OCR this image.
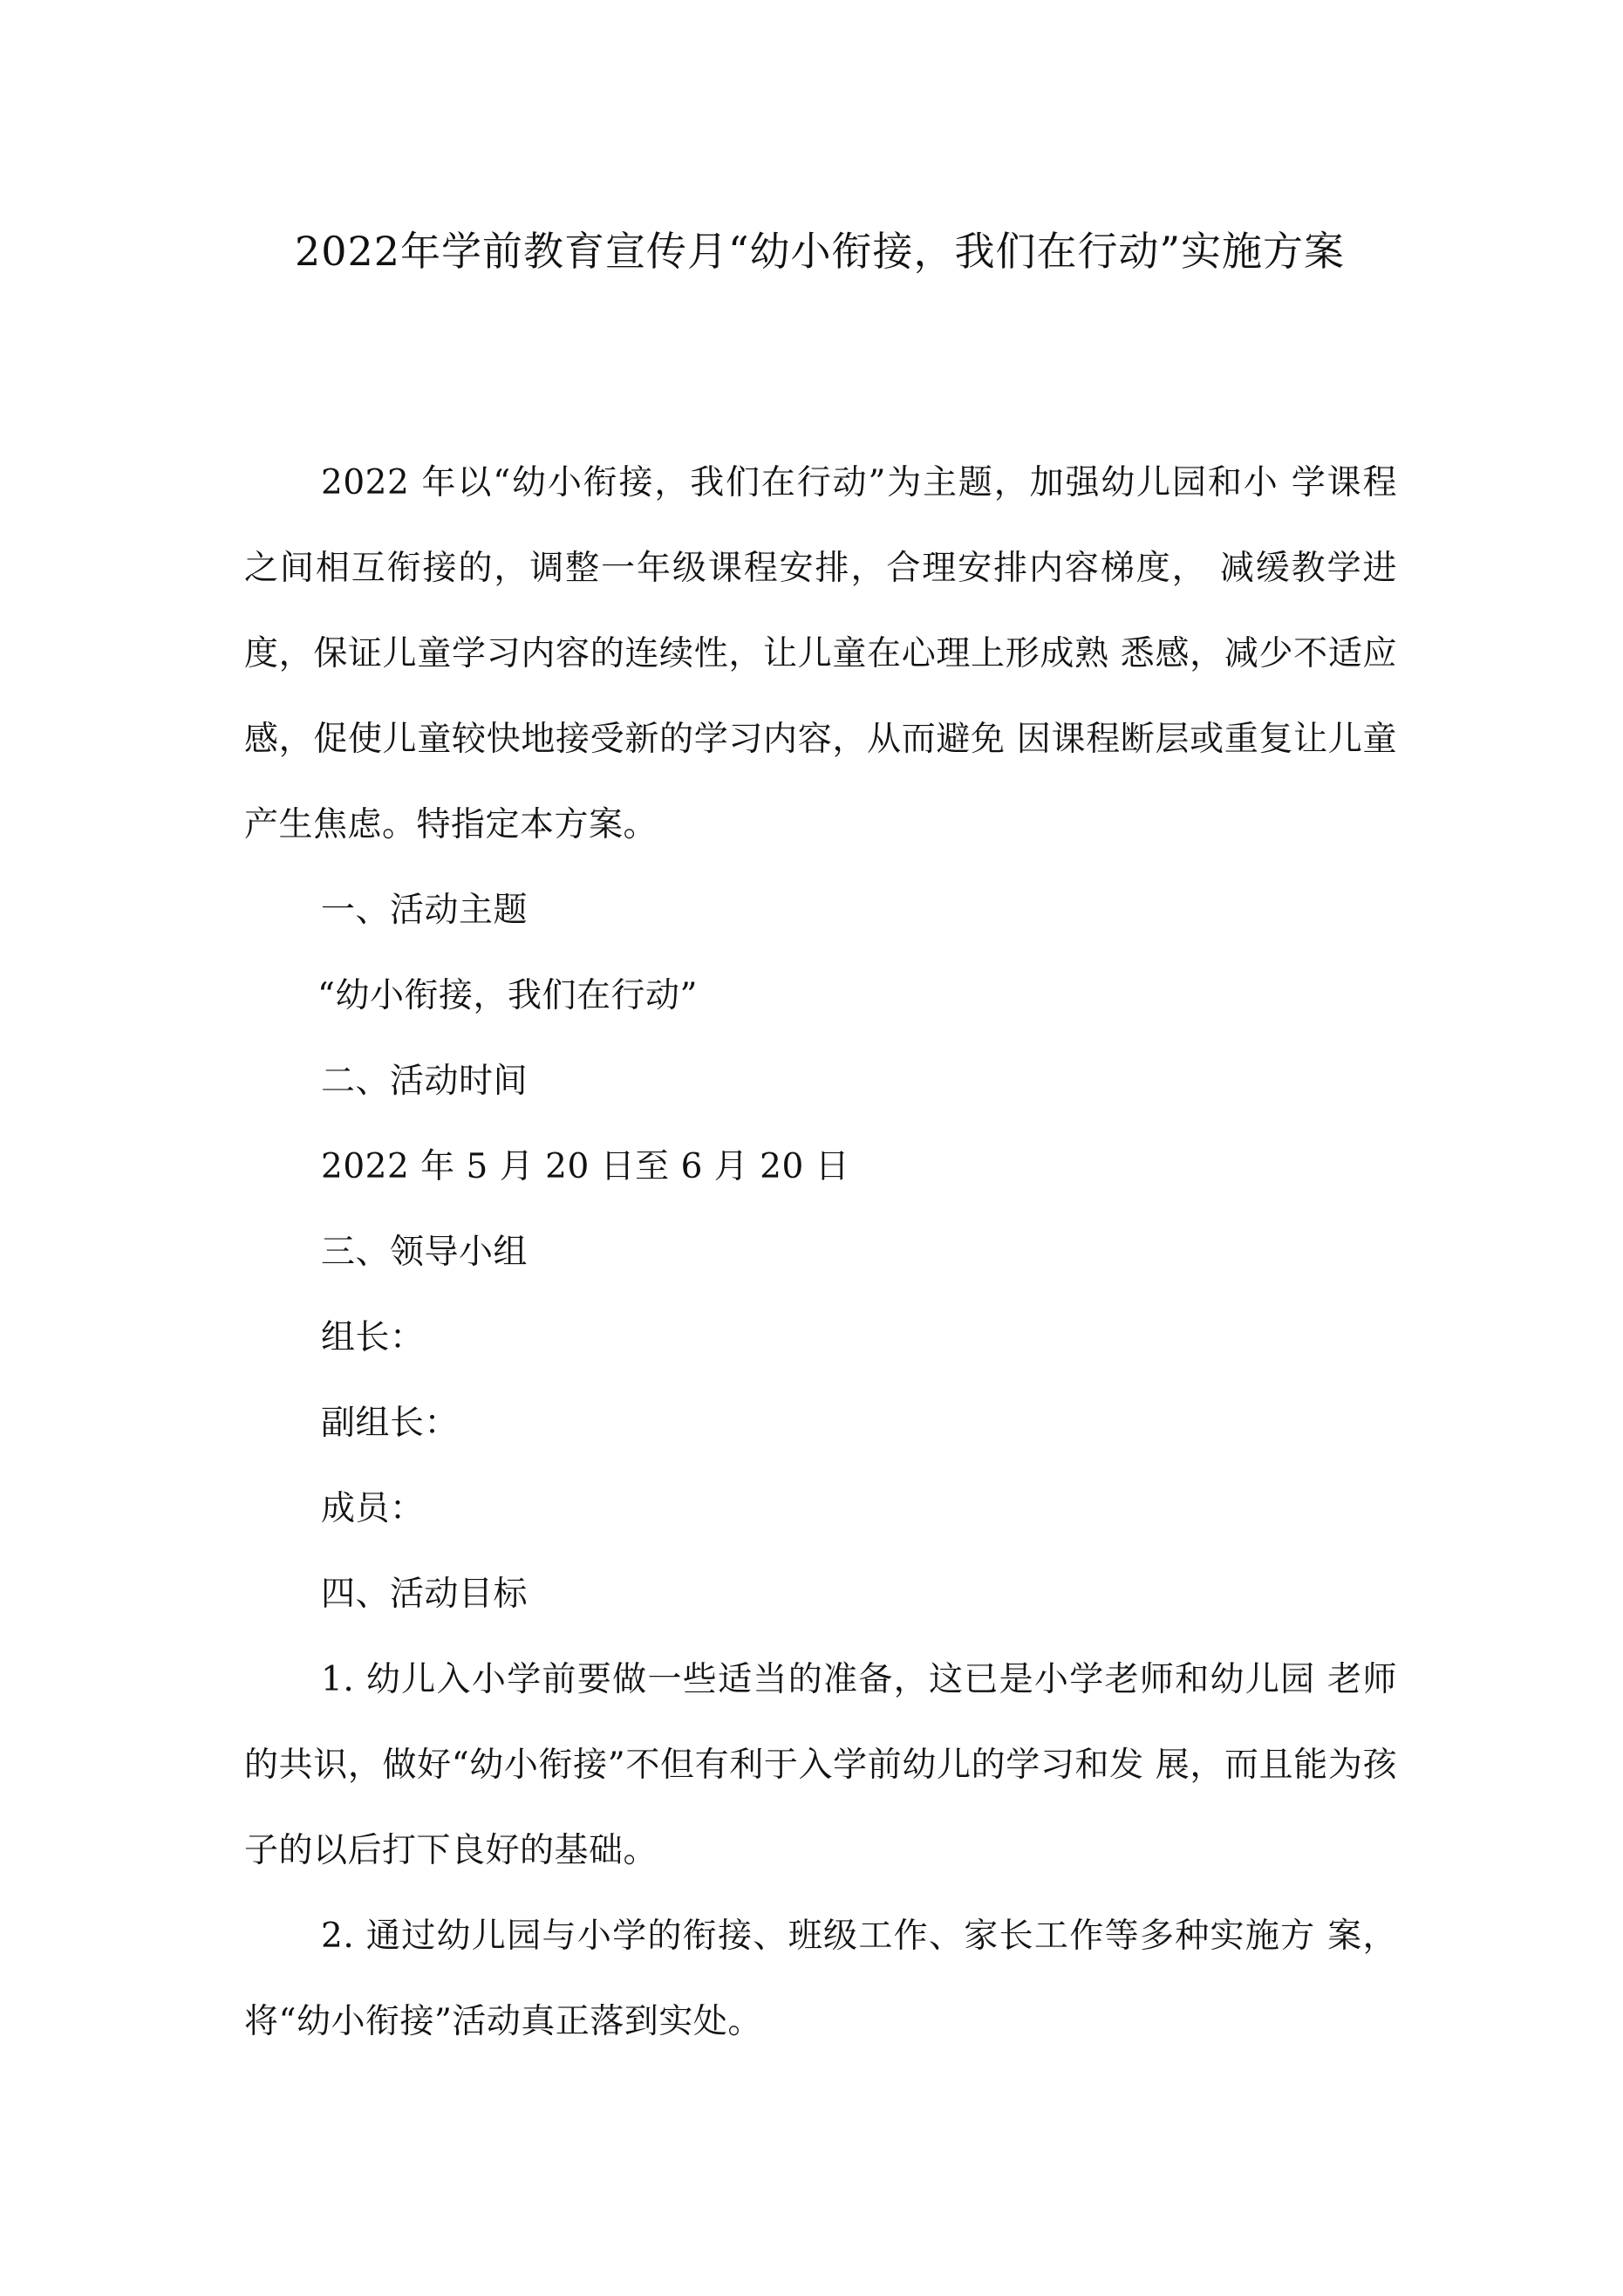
2022年学前教育宣传月“幼小衔接，我们在行动”实施方案

2022 年以“幼小衔接，我们在行动”为主题，加强幼儿园和小 学课程之间相互衔接的，调整一年级课程安排，合理安排内容梯度， 减缓教学进度，保证儿童学习内容的连续性，让儿童在心理上形成熟 悉感，减少不适应感，促使儿童较快地接受新的学习内容，从而避免 因课程断层或重复让儿童产生焦虑。特指定本方案。

一、活动主题

“幼小衔接，我们在行动”

二、活动时间

2022 年 5 月 20 日至 6 月 20 日

三、领导小组

组长：

副组长：

成员：

四、活动目标

1. 幼儿入小学前要做一些适当的准备，这已是小学老师和幼儿园 老师的共识，做好“幼小衔接”不但有利于入学前幼儿的学习和发 展，而且能为孩子的以后打下良好的基础。

2. 通过幼儿园与小学的衔接、班级工作、家长工作等多种实施方 案，将“幼小衔接”活动真正落到实处。
